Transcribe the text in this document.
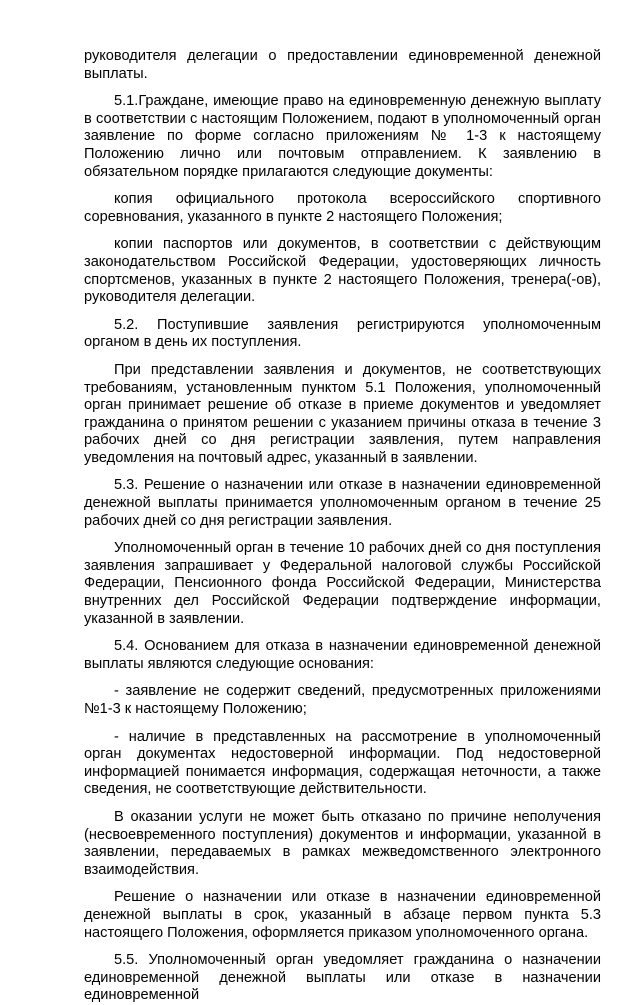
руководителя делегации о предоставлении единовременной денежной выплаты.

5.1.Граждане, имеющие право на единовременную денежную выплату в соответствии с настоящим Положением, подают в уполномоченный орган заявление по форме согласно приложениям № 1-3 к настоящему Положению лично или почтовым отправлением. К заявлению в обязательном порядке прилагаются следующие документы:

копия официального протокола всероссийского спортивного соревнования, указанного в пункте 2 настоящего Положения;

копии паспортов или документов, в соответствии с действующим законодательством Российской Федерации, удостоверяющих личность спортсменов, указанных в пункте 2 настоящего Положения, тренера(-ов), руководителя делегации.

5.2. Поступившие заявления регистрируются уполномоченным органом в день их поступления.

При представлении заявления и документов, не соответствующих требованиям, установленным пунктом 5.1 Положения, уполномоченный орган принимает решение об отказе в приеме документов и уведомляет гражданина о принятом решении с указанием причины отказа в течение 3 рабочих дней со дня регистрации заявления, путем направления уведомления на почтовый адрес, указанный в заявлении.

5.3. Решение о назначении или отказе в назначении единовременной денежной выплаты принимается уполномоченным органом в течение 25 рабочих дней со дня регистрации заявления.

Уполномоченный орган в течение 10 рабочих дней со дня поступления заявления запрашивает у Федеральной налоговой службы Российской Федерации, Пенсионного фонда Российской Федерации, Министерства внутренних дел Российской Федерации подтверждение информации, указанной в заявлении.

5.4. Основанием для отказа в назначении единовременной денежной выплаты являются следующие основания:

- заявление не содержит сведений, предусмотренных приложениями №1-3 к настоящему Положению;

- наличие в представленных на рассмотрение в уполномоченный орган документах недостоверной информации. Под недостоверной информацией понимается информация, содержащая неточности, а также сведения, не соответствующие действительности.

В оказании услуги не может быть отказано по причине неполучения (несвоевременного поступления) документов и информации, указанной в заявлении, передаваемых в рамках межведомственного электронного взаимодействия.

Решение о назначении или отказе в назначении единовременной денежной выплаты в срок, указанный в абзаце первом пункта 5.3 настоящего Положения, оформляется приказом уполномоченного органа.

5.5. Уполномоченный орган уведомляет гражданина о назначении единовременной денежной выплаты или отказе в назначении единовременной
